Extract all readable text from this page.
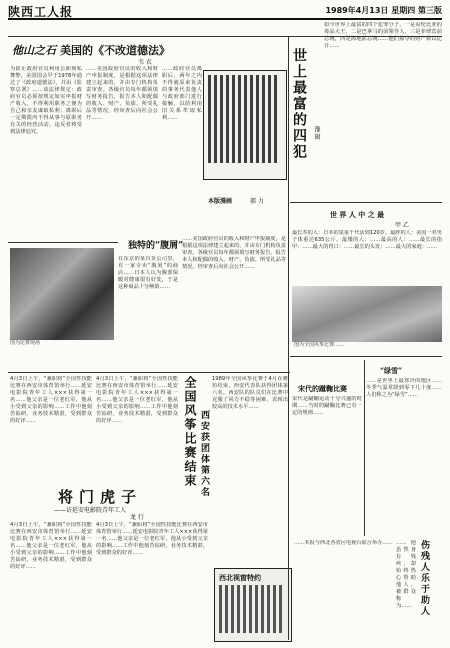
陕西工人报	1989年4月13日 星期四 第三版
他山之石 美国的《不改道德法》
韦 衣
为防止政府官员利用公职徇私舞弊，美国国会早于1978年通过了《政府道德法》，并由《监察总署》……该法律规定：政府官员必须按规定如实申报财产收入，不得利用职务之便为自己和亲友谋取私利；离职后一定期限内不得从事与原职务有关的经营活动。违反者将受到法律追究。
……美国政府官员的收入和财产申报制度，是根据这项法律建立起来的，并由专门机构负责审查。各级官员每年都须填写财务报告，报告本人和配偶的收入、财产、负债、所受礼品等情况，经审查后向社会公开……
……政府官员离职后，两年之内不得就原来负责的事务代表他人与政府部门进行接触，以防利用旧关系牟取私利……
本版漫画	郝 力
世上最富的四犯	豫 辑
如今世界上最富的四个犯罪分子，一是哥伦比亚的毒品大王，二是巴拿马的前领导人，三是菲律宾前总统，四是海地前总统……他们掠夺的财产数以亿计……
世 界 人 中 之 最
甲 乙
最长寿的人：日本的泉重千代活到120岁。最胖的人：美国一名男子体重达635公斤。最矮的人：……最高的人：……最长的指甲：……最大的胃口：……最长的头发：……最大的家庭：……
图为全国风筝比赛……
独特的“腹屑”
在东京的某百货公司里，有一家专卖“腹屑”的商店……日本人认为腹部保暖对健康很有好处，于是这种商品十分畅销……
……美国政府官员的收入和财产申报制度，是根据这项法律建立起来的，并由专门机构负责审查。各级官员每年都须填写财务报告，报告本人和配偶的收入、财产、负债、所受礼品等情况，经审查后向社会公开……
图为比赛现场
全国风筝比赛结束 西安获团体第六名
1989年全国风筝比赛于4月在潍坊结束，西安代表队获得团体第六名。西安队的队员们在比赛中克服了风力不稳等困难，表现出较高的技术水平……
4月3日上午，“兼职将”全国性技能比赛在西安市体育馆举行……延安电影院青年工人×××获得第一名……他父亲是一位老红军，他从小受到父亲的影响……工作中他刻苦钻研，业务技术精湛，受到群众的好评……
4月3日上午，“兼职将”全国性技能比赛在西安市体育馆举行……延安电影院青年工人×××获得第一名……他父亲是一位老红军，他从小受到父亲的影响……工作中他刻苦钻研，业务技术精湛，受到群众的好评……
将门虎子
——访延安电影院青年工人
龙 行
4月3日上午，“兼职将”全国性技能比赛在西安市体育馆举行……延安电影院青年工人×××获得第一名……他父亲是一位老红军，他从小受到父亲的影响……工作中他刻苦钻研，业务技术精湛，受到群众的好评……
4月3日上午，“兼职将”全国性技能比赛在西安市体育馆举行……延安电影院青年工人×××获得第一名……他父亲是一位老红军，他从小受到父亲的影响……工作中他刻苦钻研，业务技术精湛，受到群众的好评……
宋代的蹴鞠比赛
宋代是蹴鞠运动十分兴盛的时期……当时的蹴鞠比赛已有一定的规则……
“绿雪”
……是世界上最寒冷的地区……冬季气温常降到零下几十度……人们称之为“绿雪”……
西北视窗特约
……本报与西北各省区电视台联合举办……	伤残人乐于助人
……他虽然身有残疾，却始终热心帮助他人，被群众称为……
